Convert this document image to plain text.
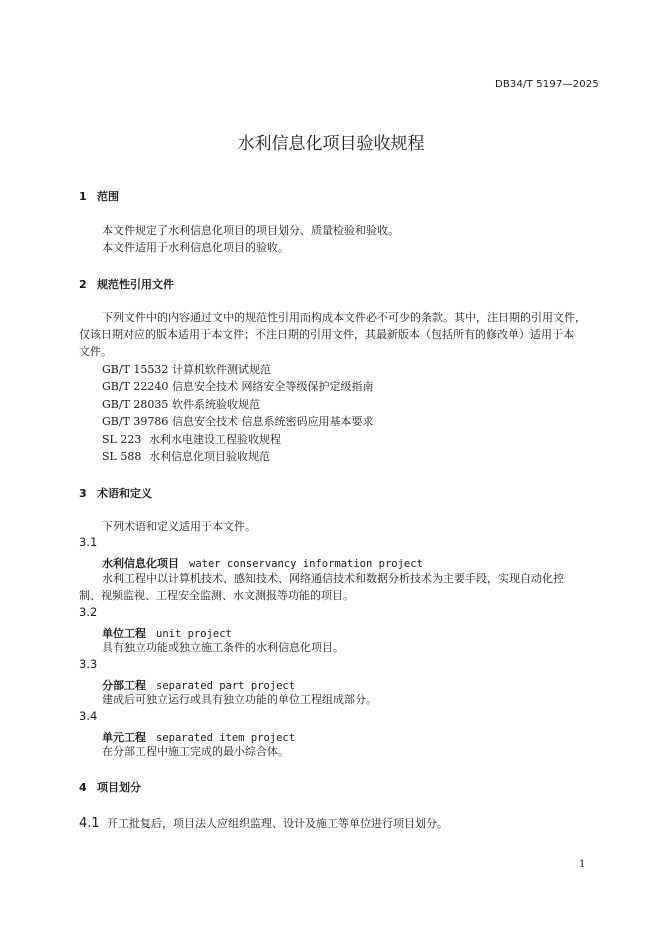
DB34/T 5197—2025
水利信息化项目验收规程
1 范围
本文件规定了水利信息化项目的项目划分、质量检验和验收。
本文件适用于水利信息化项目的验收。
2 规范性引用文件
下列文件中的内容通过文中的规范性引用而构成本文件必不可少的条款。其中，注日期的引用文件，
仅该日期对应的版本适用于本文件；不注日期的引用文件，其最新版本（包括所有的修改单）适用于本
文件。
GB/T 15532 计算机软件测试规范
GB/T 22240 信息安全技术 网络安全等级保护定级指南
GB/T 28035 软件系统验收规范
GB/T 39786 信息安全技术 信息系统密码应用基本要求
SL 223 水利水电建设工程验收规程
SL 588 水利信息化项目验收规范
3 术语和定义
下列术语和定义适用于本文件。
3.1
水利信息化项目 water conservancy information project
水利工程中以计算机技术、感知技术、网络通信技术和数据分析技术为主要手段，实现自动化控
制、视频监视、工程安全监测、水文测报等功能的项目。
3.2
单位工程 unit project
具有独立功能或独立施工条件的水利信息化项目。
3.3
分部工程 separated part project
建成后可独立运行或具有独立功能的单位工程组成部分。
3.4
单元工程 separated item project
在分部工程中施工完成的最小综合体。
4 项目划分
4.1 开工批复后，项目法人应组织监理、设计及施工等单位进行项目划分。
1
